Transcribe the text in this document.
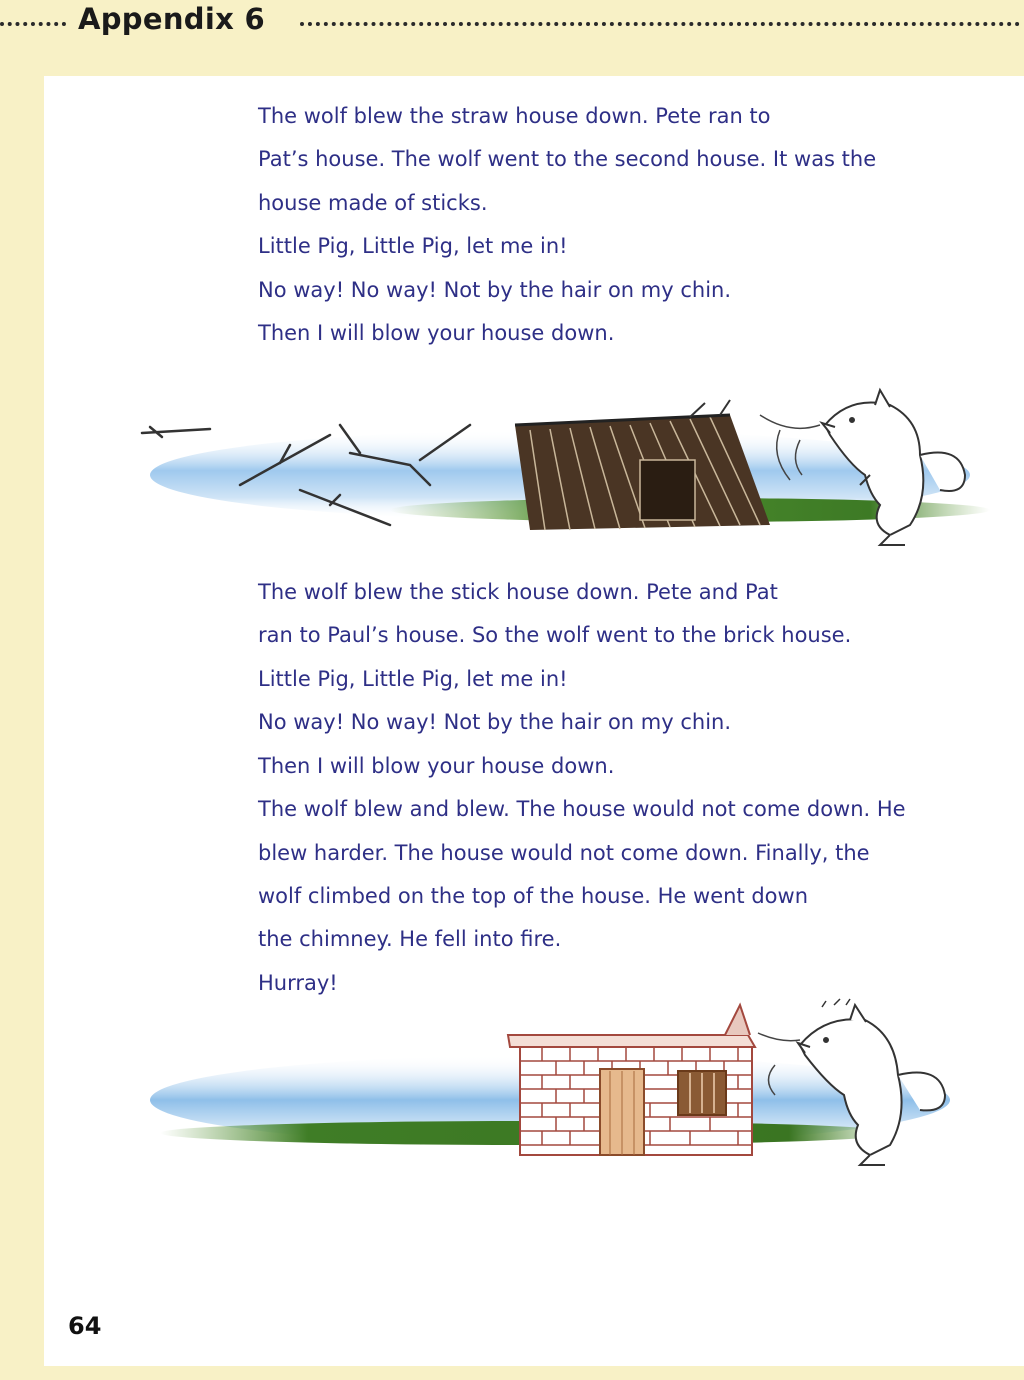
Appendix 6
The wolf blew the straw house down. Pete ran to
Pat’s house. The wolf went to the second house. It was the
house made of sticks.
Little Pig, Little Pig, let me in!
No way! No way! Not by the hair on my chin.
Then I will blow your house down.
The wolf blew the stick house down. Pete and Pat
ran to Paul’s house. So the wolf went to the brick house.
Little Pig, Little Pig, let me in!
No way! No way! Not by the hair on my chin.
Then I will blow your house down.
The wolf blew and blew. The house would not come down. He
blew harder. The house would not come down. Finally, the
wolf climbed on the top of the house. He went down
the chimney. He fell into fire.
Hurray!
64
